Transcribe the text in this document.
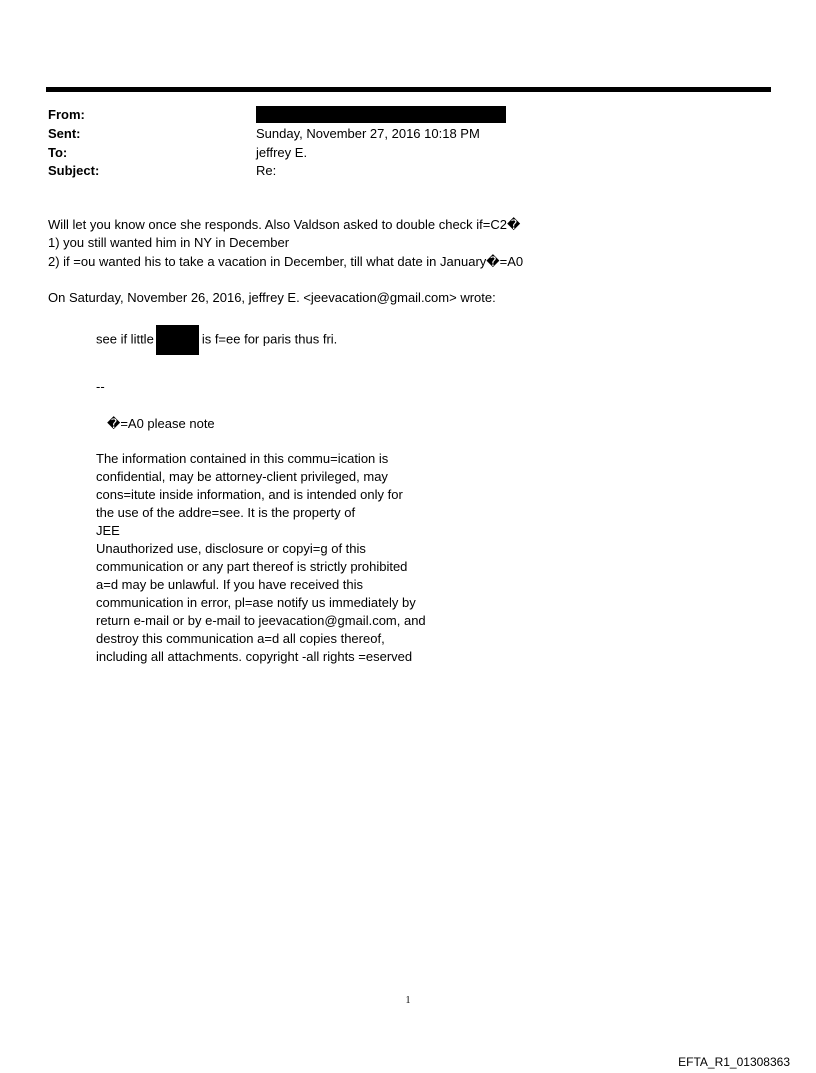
From:
Sent:	Sunday, November 27, 2016 10:18 PM
To:	jeffrey E.
Subject:	Re:
Will let you know once she responds. Also Valdson asked to double check if=C2�
1) you still wanted him in NY in December
2) if =ou wanted his to take a vacation in December, till what date in January�=A0
On Saturday, November 26, 2016, jeffrey E. <jeevacation@gmail.com> wrote:
see if little	is f=ee for paris thus fri.
--
�=A0 please note
The information contained in this commu=ication is
confidential, may be attorney-client privileged, may
cons=itute inside information, and is intended only for
the use of the addre=see. It is the property of
JEE
Unauthorized use, disclosure or copyi=g of this
communication or any part thereof is strictly prohibited
a=d may be unlawful. If you have received this
communication in error, pl=ase notify us immediately by
return e-mail or by e-mail to jeevacation@gmail.com, and
destroy this communication a=d all copies thereof,
including all attachments. copyright -all rights =eserved
1
EFTA_R1_01308363
